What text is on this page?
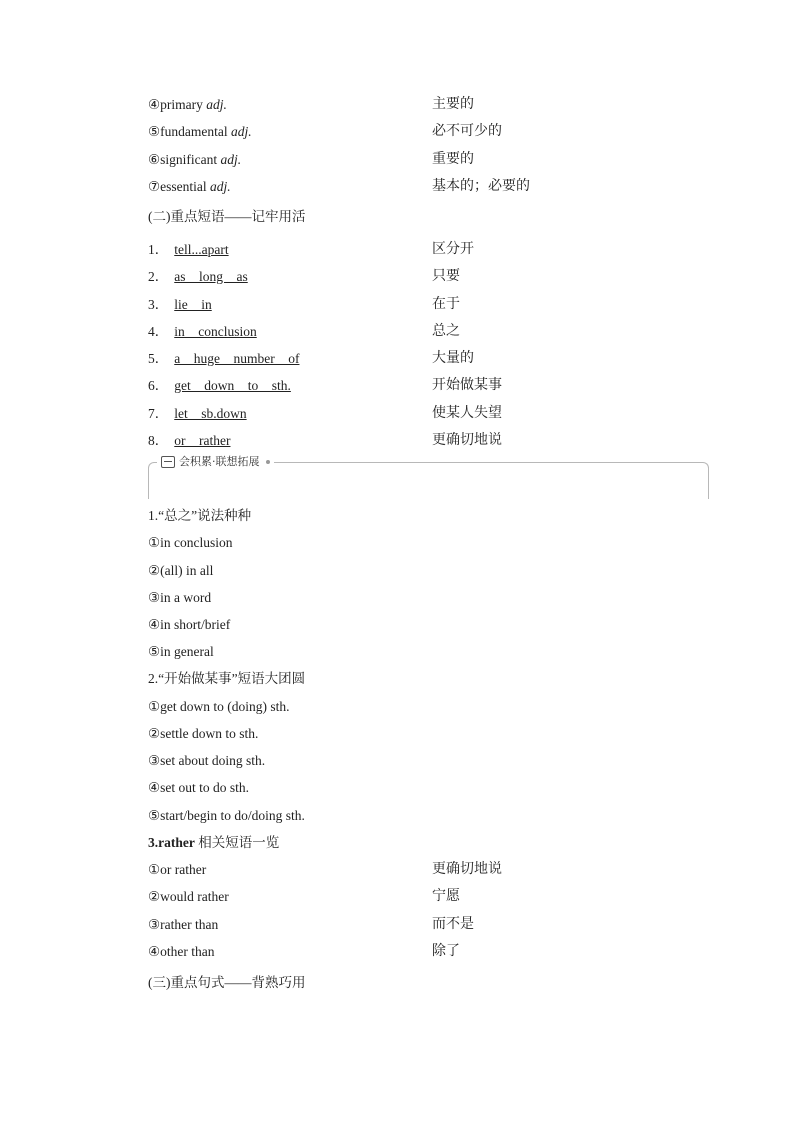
④primary adj.	主要的
⑤fundamental adj.	必不可少的
⑥significant adj.	重要的
⑦essential adj.	基本的；必要的
(二)重点短语——记牢用活
1． tell...apart	区分开
2． as　long　as	只要
3． lie　in	在于
4． in　conclusion	总之
5． a　huge　number　of	大量的
6． get　down　to　sth.	开始做某事
7． let　sb.down	使某人失望
8． or　rather	更确切地说
会积累·联想拓展
1.“总之”说法种种
①in conclusion
②(all) in all
③in a word
④in short/brief
⑤in general
2.“开始做某事”短语大团圆
①get down to (doing) sth.
②settle down to sth.
③set about doing sth.
④set out to do sth.
⑤start/begin to do/doing sth.
3.rather 相关短语一览
①or rather	更确切地说
②would rather	宁愿
③rather than	而不是
④other than	除了
(三)重点句式——背熟巧用
